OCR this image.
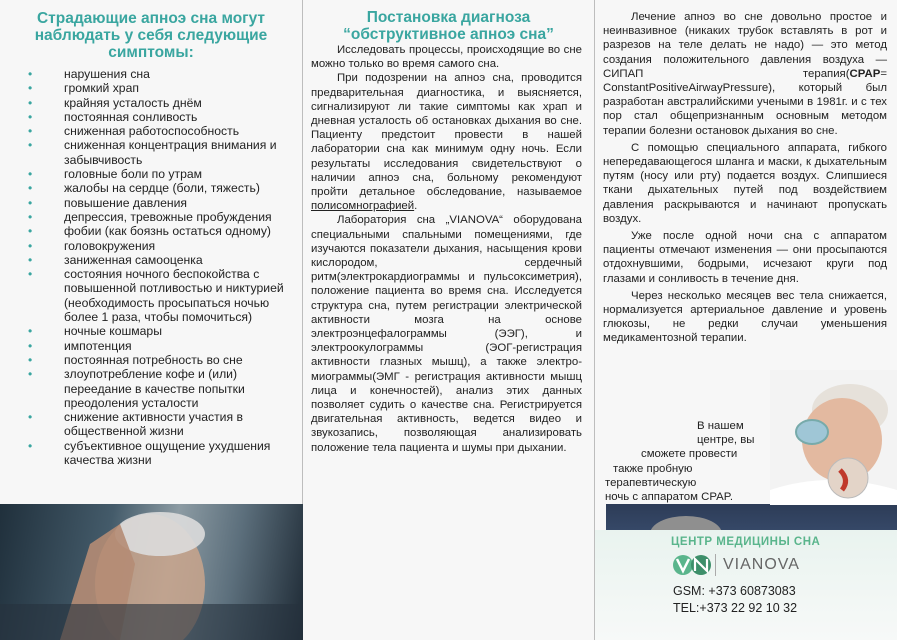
Страдающие апноэ сна могут
наблюдать у себя следующие
симптомы:
• нарушения сна
• громкий храп
• крайняя усталость днём
• постоянная сонливость
• сниженная работоспособность
• сниженная концентрация внимания и забывчивость
• головные боли по утрам
• жалобы на сердце (боли, тяжесть)
• повышение давления
• депрессия, тревожные пробуждения
• фобии (как боязнь остаться одному)
• головокружения
• заниженная самооценка
• состояния ночного беспокойства с повышенной потливостью и никтурией (необходимость просыпаться ночью более 1 раза, чтобы помочиться)
• ночные кошмары
• импотенция
• постоянная потребность во сне
• злоупотребление кофе и (или) переедание в качестве попытки преодоления усталости
• снижение активности участия в общественной жизни
• субъективное ощущение ухудшения качества жизни
Постановка диагноза
“обструктивное апноэ сна”

Исследовать процессы, происходящие во сне можно только во время самого сна.

При подозрении на апноэ сна, проводится предварительная диагностика, и выясняется, сигнализируют ли такие симптомы как храп и дневная усталость об остановках дыхания во сне. Пациенту предстоит провести в нашей лаборатории сна как минимум одну ночь. Если результаты исследования свидетельствуют о наличии апноэ сна, больному рекомендуют пройти детальное обследование, называемое полисомнографией.

Лаборатория сна „VIANOVA“ оборудована специальными спальными помещениями, где изучаются показатели дыхания, насыщения крови кислородом, сердечный ритм(электрокардиограммы и пульсоксиметрия), положение пациента во время сна. Исследуется структура сна, путем регистрации электрической активности мозга на основе электроэнцефалограммы (ЭЭГ), и электроокулограммы (ЭОГ-регистрация активности глазных мышц), а также электро-миограммы(ЭМГ - регистрация активности мышц лица и конечностей), анализ этих данных позволяет судить о качестве сна. Регистрируется двигательная активность, ведется видео и звукозапись, позволяющая анализировать положение тела пациента и шумы при дыхании.

Лечение апноэ во сне довольно простое и неинвазивное (никаких трубок вставлять в рот и разрезов на теле делать не надо) — это метод создания положительного давления воздуха — СИПАП терапия(CPAP= ConstantPositiveAirwayPressure), который был разработан австралийскими учеными в 1981г. и с тех пор стал общепризнанным основным методом терапии болезни остановок дыхания во сне.

С помощью специального аппарата, гибкого непередавающегося шланга и маски, к дыхательным путям (носу или рту) подается воздух. Слипшиеся ткани дыхательных путей под воздействием давления раскрываются и начинают пропускать воздух.

Уже после одной ночи сна с аппаратом пациенты отмечают изменения — они просыпаются отдохнувшими, бодрыми, исчезают круги под глазами и сонливость в течение дня.

Через несколько месяцев вес тела снижается, нормализуется артериальное давление и уровень глюкозы, не редки случаи уменьшения медикаментозной терапии.

В нашем центре, вы
сможете провести
также пробную
терапевтическую
ночь с аппаратом CPAP.
ЦЕНТР МЕДИЦИНЫ СНА
VIANOVA
GSM: +373 60873083
TEL:+373 22 92 10 32
